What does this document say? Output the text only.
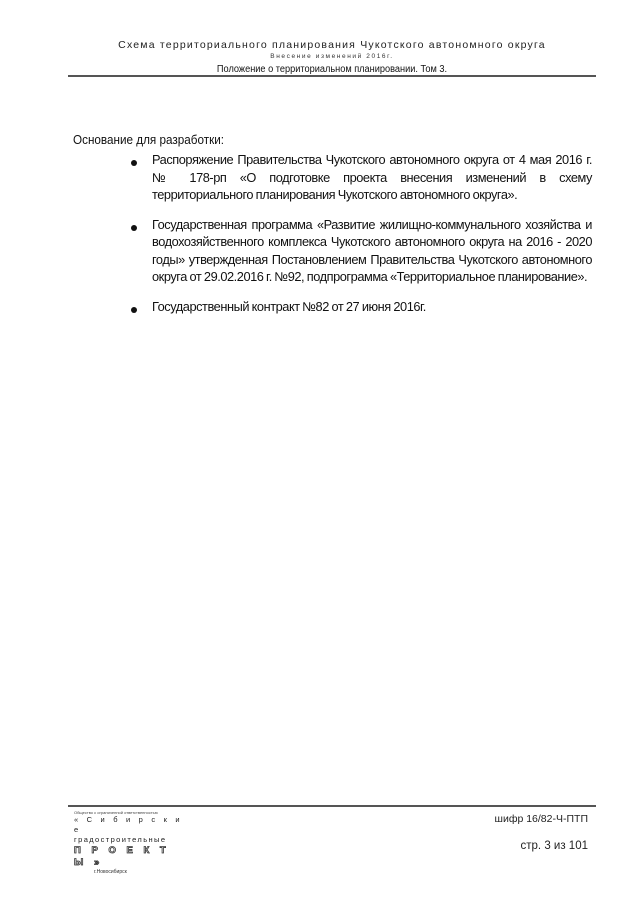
Схема территориального планирования Чукотского автономного округа
Внесение изменений 2016г.
Положение о территориальном планировании. Том 3.
Основание для разработки:
Распоряжение Правительства Чукотского автономного округа от 4 мая 2016 г. № 178-рп «О подготовке проекта внесения изменений в схему территориального планирования Чукотского автономного округа».
Государственная программа «Развитие жилищно-коммунального хозяйства и водохозяйственного комплекса Чукотского автономного округа на 2016 - 2020 годы» утвержденная Постановлением Правительства Чукотского автономного округа от 29.02.2016 г. №92, подпрограмма «Территориальное планирование».
Государственный контракт №82 от 27 июня 2016г.
Общество с ограниченной ответственностью
« С и б и р с к и е
градостроительные
П Р О Е К Т Ы »
г.Новосибирск
шифр 16/82-Ч-ПТП
стр. 3 из 101
